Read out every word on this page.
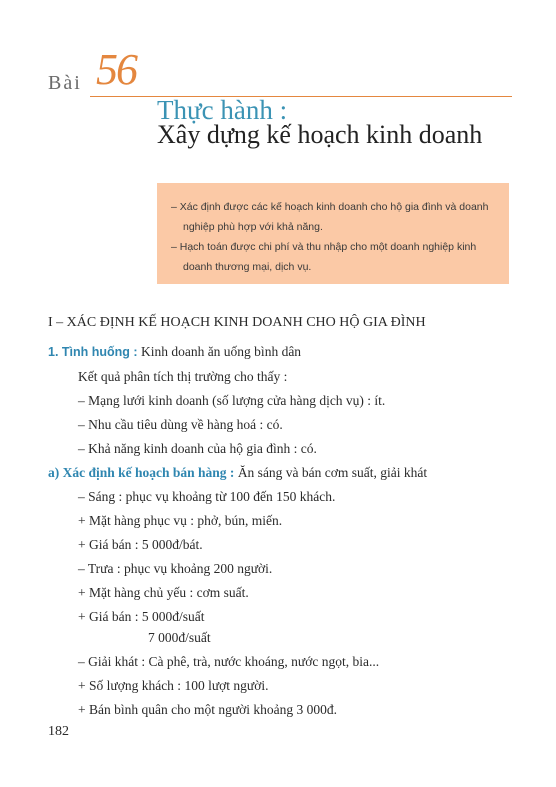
Bài 56
Thực hành :
Xây dựng kế hoạch kinh doanh
– Xác định được các kế hoạch kinh doanh cho hộ gia đình và doanh
nghiệp phù hợp với khả năng.
– Hạch toán được chi phí và thu nhập cho một doanh nghiệp kinh
doanh thương mại, dịch vụ.
I – XÁC ĐỊNH KẾ HOẠCH KINH DOANH CHO HỘ GIA ĐÌNH
1. Tình huống : Kinh doanh ăn uống bình dân
Kết quả phân tích thị trường cho thấy :
– Mạng lưới kinh doanh (số lượng cửa hàng dịch vụ) : ít.
– Nhu cầu tiêu dùng về hàng hoá : có.
– Khả năng kinh doanh của hộ gia đình : có.
a) Xác định kế hoạch bán hàng : Ăn sáng và bán cơm suất, giải khát
– Sáng : phục vụ khoảng từ 100 đến 150 khách.
+ Mặt hàng phục vụ : phở, bún, miến.
+ Giá bán : 5 000đ/bát.
– Trưa : phục vụ khoảng 200 người.
+ Mặt hàng chủ yếu : cơm suất.
+ Giá bán : 5 000đ/suất
7 000đ/suất
– Giải khát : Cà phê, trà, nước khoáng, nước ngọt, bia...
+ Số lượng khách : 100 lượt người.
+ Bán bình quân cho một người khoảng 3 000đ.
182
